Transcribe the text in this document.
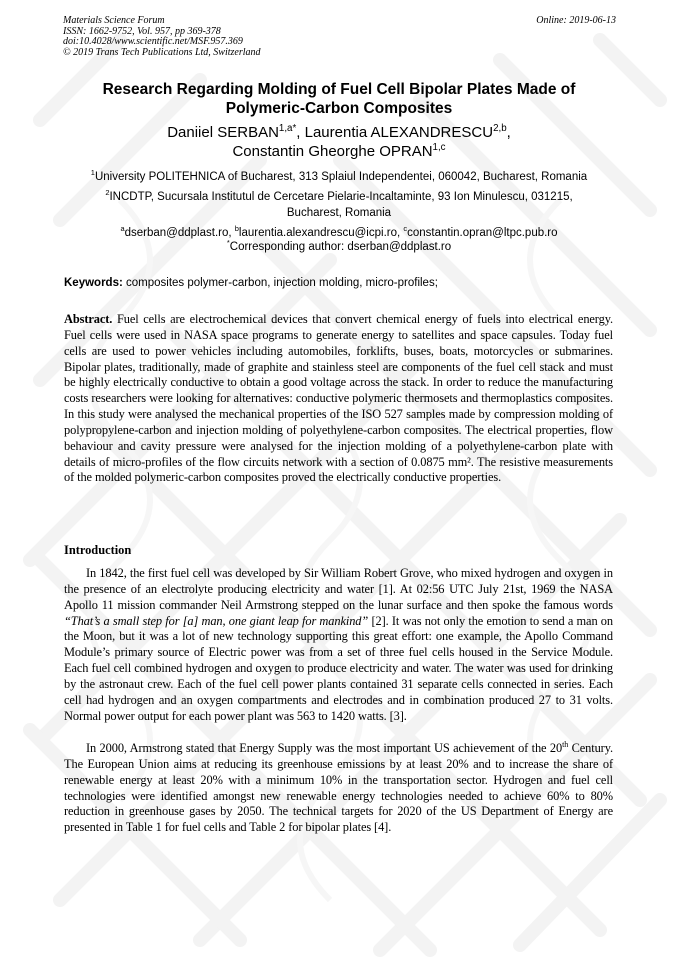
Materials Science Forum
ISSN: 1662-9752, Vol. 957, pp 369-378
doi:10.4028/www.scientific.net/MSF.957.369
© 2019 Trans Tech Publications Ltd, Switzerland
Online: 2019-06-13
Research Regarding Molding of Fuel Cell Bipolar Plates Made of
Polymeric-Carbon Composites
Daniiel $SERBAN^{1,a*}$, Laurentia ALEXANDRESCU$^{2,b}$,
Constantin Gheorghe OPRAN$^{1,c}$
$^1$University POLITEHNICA of Bucharest, 313 Splaiul Independentei, 060042, Bucharest, Romania
$^2$INCDTP, Sucursala Institutul de Cercetare Pielarie-Incaltaminte, 93 Ion Minulescu, 031215,
Bucharest, Romania
$^a$dserban@ddplast.ro, $^b$laurentia.alexandrescu@icpi.ro, $^c$constantin.opran@ltpc.pub.ro
*Corresponding author: dserban@ddplast.ro
Keywords: composites polymer-carbon, injection molding, micro-profiles;

Abstract. Fuel cells are electrochemical devices that convert chemical energy of fuels into electrical energy. Fuel cells were used in NASA space programs to generate energy to satellites and space capsules. Today fuel cells are used to power vehicles including automobiles, forklifts, buses, boats, motorcycles or submarines. Bipolar plates, traditionally, made of graphite and stainless steel are components of the fuel cell stack and must be highly electrically conductive to obtain a good voltage across the stack. In order to reduce the manufacturing costs researchers were looking for alternatives: conductive polymeric thermosets and thermoplastics composites. In this study were analysed the mechanical properties of the ISO 527 samples made by compression molding of polypropylene-carbon and injection molding of polyethylene-carbon composites. The electrical properties, flow behaviour and cavity pressure were analysed for the injection molding of a polyethylene-carbon plate with details of micro-profiles of the flow circuits network with a section of 0.0875 mm². The resistive measurements of the molded polymeric-carbon composites proved the electrically conductive properties.

Introduction

In 1842, the first fuel cell was developed by Sir William Robert Grove, who mixed hydrogen and oxygen in the presence of an electrolyte producing electricity and water [1]. At 02:56 UTC July 21st, 1969 the NASA Apollo 11 mission commander Neil Armstrong stepped on the lunar surface and then spoke the famous words “That’s a small step for [a] man, one giant leap for mankind” [2]. It was not only the emotion to send a man on the Moon, but it was a lot of new technology supporting this great effort: one example, the Apollo Command Module’s primary source of Electric power was from a set of three fuel cells housed in the Service Module. Each fuel cell combined hydrogen and oxygen to produce electricity and water. The water was used for drinking by the astronaut crew. Each of the fuel cell power plants contained 31 separate cells connected in series. Each cell had hydrogen and an oxygen compartments and electrodes and in combination produced 27 to 31 volts. Normal power output for each power plant was 563 to 1420 watts. [3].

In 2000, Armstrong stated that Energy Supply was the most important US achievement of the 20th Century. The European Union aims at reducing its greenhouse emissions by at least 20% and to increase the share of renewable energy at least 20% with a minimum 10% in the transportation sector. Hydrogen and fuel cell technologies were identified amongst new renewable energy technologies needed to achieve 60% to 80% reduction in greenhouse gases by 2050. The technical targets for 2020 of the US Department of Energy are presented in Table 1 for fuel cells and Table 2 for bipolar plates [4].
